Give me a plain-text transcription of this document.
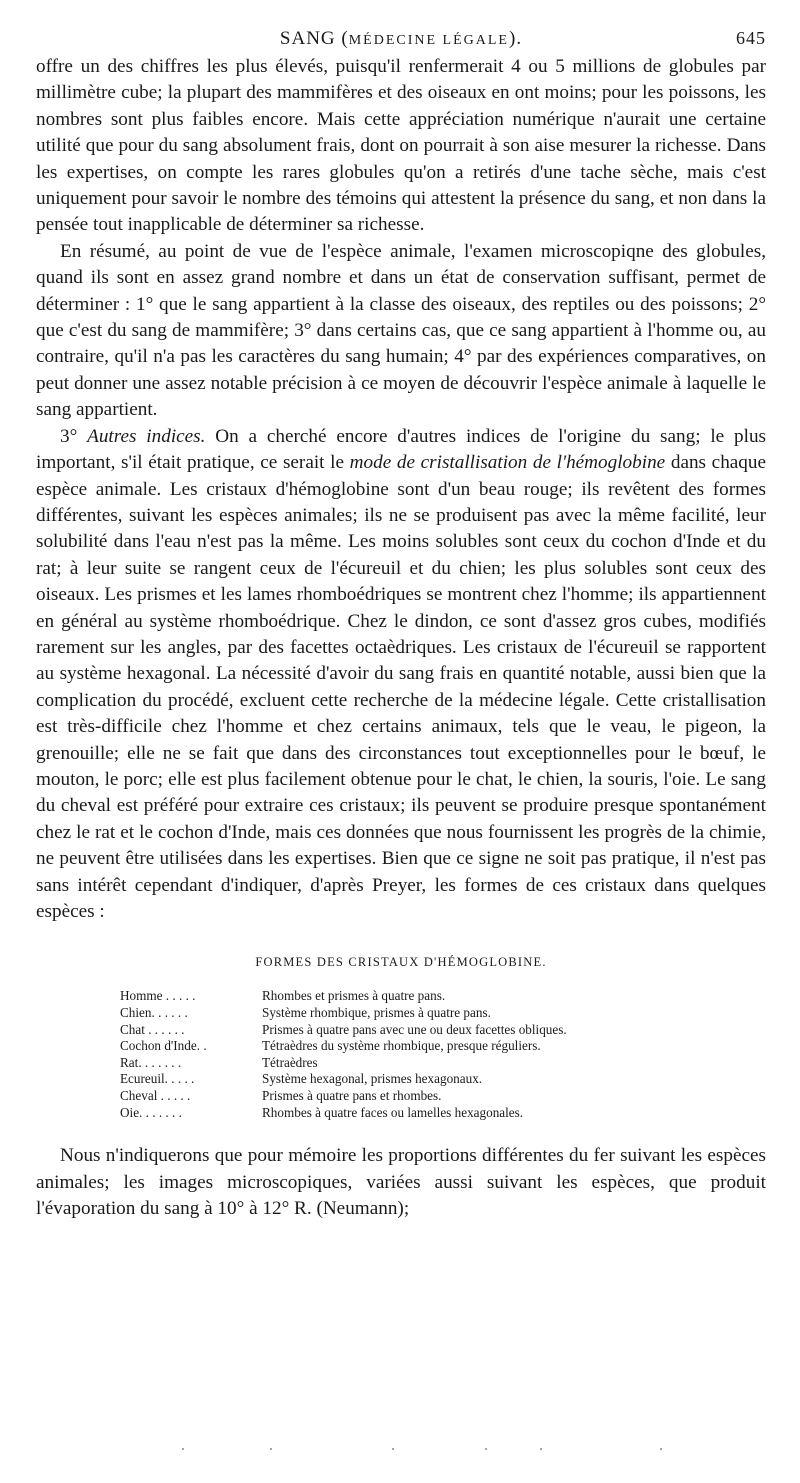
SANG (MÉDECINE LÉGALE).	645

offre un des chiffres les plus élevés, puisqu'il renfermerait 4 ou 5 millions de globules par millimètre cube; la plupart des mammifères et des oiseaux en ont moins; pour les poissons, les nombres sont plus faibles encore. Mais cette appréciation numérique n'aurait une certaine utilité que pour du sang absolument frais, dont on pourrait à son aise mesurer la richesse. Dans les expertises, on compte les rares globules qu'on a retirés d'une tache sèche, mais c'est uniquement pour savoir le nombre des témoins qui attestent la présence du sang, et non dans la pensée tout inapplicable de déterminer sa richesse.

En résumé, au point de vue de l'espèce animale, l'examen microscopiqne des globules, quand ils sont en assez grand nombre et dans un état de conservation suffisant, permet de déterminer : 1° que le sang appartient à la classe des oiseaux, des reptiles ou des poissons; 2° que c'est du sang de mammifère; 3° dans certains cas, que ce sang appartient à l'homme ou, au contraire, qu'il n'a pas les caractères du sang humain; 4° par des expériences comparatives, on peut donner une assez notable précision à ce moyen de découvrir l'espèce animale à laquelle le sang appartient.

3° Autres indices. On a cherché encore d'autres indices de l'origine du sang; le plus important, s'il était pratique, ce serait le mode de cristallisation de l'hémoglobine dans chaque espèce animale. Les cristaux d'hémoglobine sont d'un beau rouge; ils revêtent des formes différentes, suivant les espèces animales; ils ne se produisent pas avec la même facilité, leur solubilité dans l'eau n'est pas la même. Les moins solubles sont ceux du cochon d'Inde et du rat; à leur suite se rangent ceux de l'écureuil et du chien; les plus solubles sont ceux des oiseaux. Les prismes et les lames rhomboédriques se montrent chez l'homme; ils appartiennent en général au système rhomboédrique. Chez le dindon, ce sont d'assez gros cubes, modifiés rarement sur les angles, par des facettes octaèdriques. Les cristaux de l'écureuil se rapportent au système hexagonal. La nécessité d'avoir du sang frais en quantité notable, aussi bien que la complication du procédé, excluent cette recherche de la médecine légale. Cette cristallisation est très-difficile chez l'homme et chez certains animaux, tels que le veau, le pigeon, la grenouille; elle ne se fait que dans des circonstances tout exceptionnelles pour le bœuf, le mouton, le porc; elle est plus facilement obtenue pour le chat, le chien, la souris, l'oie. Le sang du cheval est préféré pour extraire ces cristaux; ils peuvent se produire presque spontanément chez le rat et le cochon d'Inde, mais ces données que nous fournissent les progrès de la chimie, ne peuvent être utilisées dans les expertises. Bien que ce signe ne soit pas pratique, il n'est pas sans intérêt cependant d'indiquer, d'après Preyer, les formes de ces cristaux dans quelques espèces :

FORMES DES CRISTAUX D'HÉMOGLOBINE.
Homme . . . . .	Rhombes et prismes à quatre pans.
Chien. . . . . .	Système rhombique, prismes à quatre pans.
Chat . . . . . .	Prismes à quatre pans avec une ou deux facettes obliques.
Cochon d'Inde. .	Tétraèdres du système rhombique, presque réguliers.
Rat. . . . . . .	Tétraèdres
Ecureuil. . . . .	Système hexagonal, prismes hexagonaux.
Cheval . . . . .	Prismes à quatre pans et rhombes.
Oie. . . . . . .	Rhombes à quatre faces ou lamelles hexagonales.

Nous n'indiquerons que pour mémoire les proportions différentes du fer suivant les espèces animales; les images microscopiques, variées aussi suivant les espèces, que produit l'évaporation du sang à 10° à 12° R. (Neumann);
